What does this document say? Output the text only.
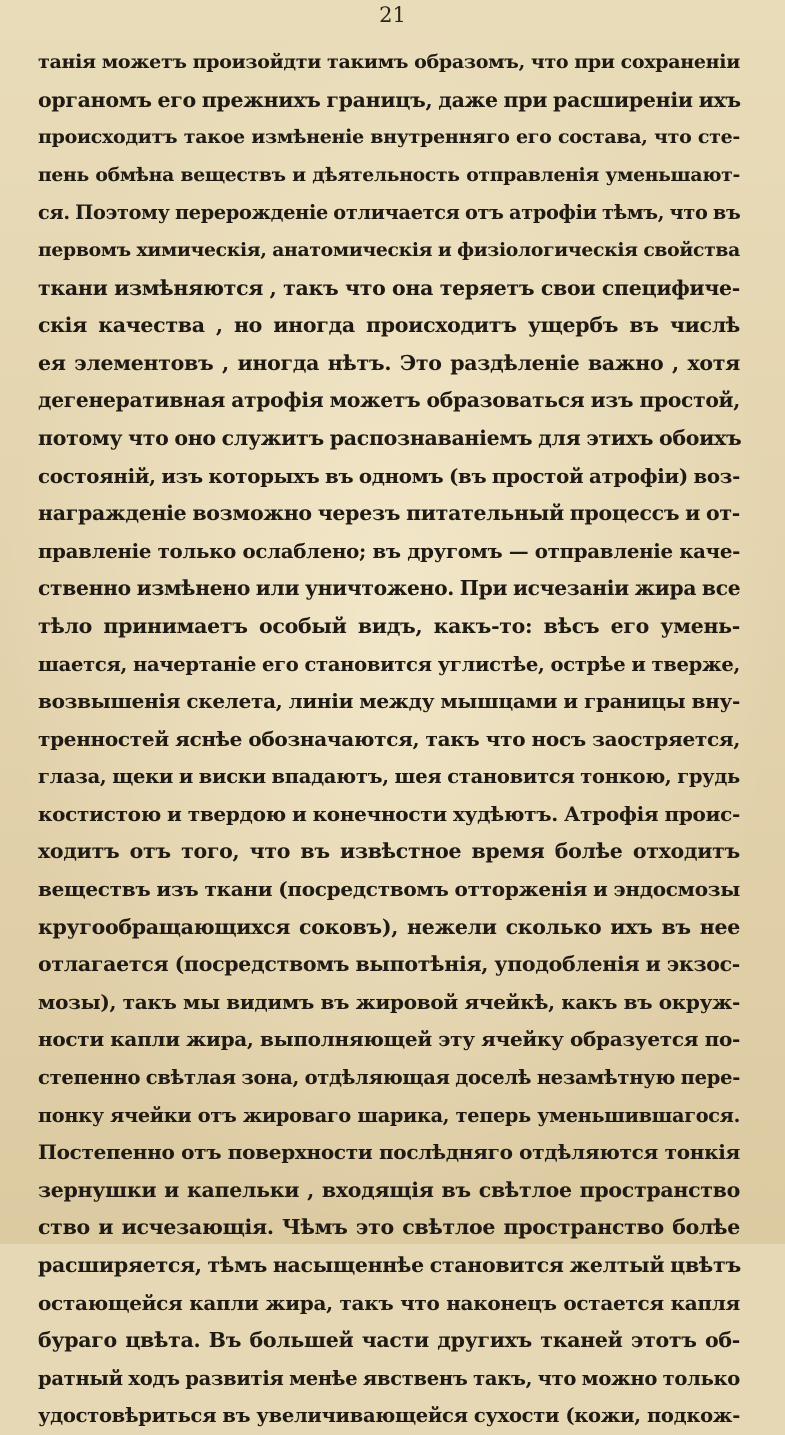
21
танія можетъ произойдти такимъ образомъ, что при сохраненіи
органомъ его прежнихъ границъ, даже при расширеніи ихъ
происходитъ такое измѣненіе внутренняго его состава, что сте-
пень обмѣна веществъ и дѣятельность отправленія уменьшают-
ся. Поэтому перерожденіе отличается отъ атрофіи тѣмъ, что въ
первомъ химическія, анатомическія и физіологическія свойства
ткани измѣняются , такъ что она теряетъ свои специфиче-
скія качества , но иногда происходитъ ущербъ въ числѣ
ея элементовъ , иногда нѣтъ. Это раздѣленіе важно , хотя
дегенеративная атрофія можетъ образоваться изъ простой,
потому что оно служитъ распознаваніемъ для этихъ обоихъ
состояній, изъ которыхъ въ одномъ (въ простой атрофіи) воз-
награжденіе возможно черезъ питательный процессъ и от-
правленіе только ослаблено; въ другомъ — отправленіе каче-
ственно измѣнено или уничтожено. При исчезаніи жира все
тѣло принимаетъ особый видъ, какъ-то: вѣсъ его умень-
шается, начертаніе его становится углистѣе, острѣе и тверже,
возвышенія скелета, линіи между мышцами и границы вну-
тренностей яснѣе обозначаются, такъ что носъ заостряется,
глаза, щеки и виски впадаютъ, шея становится тонкою, грудь
костистою и твердою и конечности худѣютъ. Атрофія проис-
ходитъ отъ того, что въ извѣстное время болѣе отходитъ
веществъ изъ ткани (посредствомъ отторженія и эндосмозы
кругообращающихся соковъ), нежели сколько ихъ въ нее
отлагается (посредствомъ выпотѣнія, уподобленія и экзос-
мозы), такъ мы видимъ въ жировой ячейкѣ, какъ въ окруж-
ности капли жира, выполняющей эту ячейку образуется по-
степенно свѣтлая зона, отдѣляющая доселѣ незамѣтную пере-
понку ячейки отъ жироваго шарика, теперь уменьшившагося.
Постепенно отъ поверхности послѣдняго отдѣляются тонкія
зернушки и капельки , входящія въ свѣтлое пространство
ство и исчезающія. Чѣмъ это свѣтлое пространство болѣе
расширяется, тѣмъ насыщеннѣе становится желтый цвѣтъ
остающейся капли жира, такъ что наконецъ остается капля
бураго цвѣта. Въ большей части другихъ тканей этотъ об-
ратный ходъ развитія менѣе явственъ такъ, что можно только
удостовѣриться въ увеличивающейся сухости (кожи, подкож-
